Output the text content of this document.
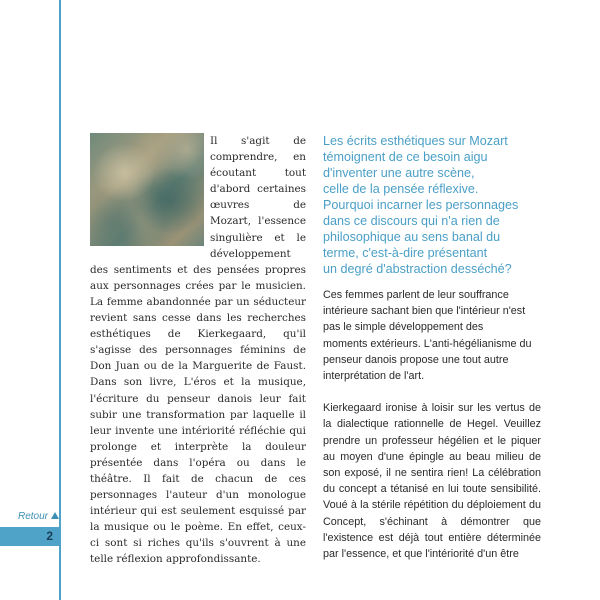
Retour
2
Il s'agit de comprendre, en écoutant tout d'abord certaines œuvres de Mozart, l'essence singulière et le développement des sentiments et des pensées propres aux personnages crées par le musicien. La femme abandonnée par un séducteur revient sans cesse dans les recherches esthétiques de Kierkegaard, qu'il s'agisse des personnages féminins de Don Juan ou de la Marguerite de Faust. Dans son livre, L'éros et la musique, l'écriture du penseur danois leur fait subir une transformation par laquelle il leur invente une intériorité réfléchie qui prolonge et interprète la douleur présentée dans l'opéra ou dans le théâtre. Il fait de chacun de ces personnages l'auteur d'un monologue intérieur qui est seulement esquissé par la musique ou le poème. En effet, ceux-ci sont si riches qu'ils s'ouvrent à une telle réflexion approfondissante.
Les écrits esthétiques sur Mozart
témoignent de ce besoin aigu
d'inventer une autre scène,
celle de la pensée réflexive.
Pourquoi incarner les personnages
dans ce discours qui n'a rien de
philosophique au sens banal du
terme, c'est-à-dire présentant
un degré d'abstraction desséché?

Ces femmes parlent de leur souffrance
intérieure sachant bien que l'intérieur n'est
pas le simple développement des
moments extérieurs. L'anti-hégélianisme du
penseur danois propose une tout autre
interprétation de l'art.

Kierkegaard ironise à loisir sur les vertus de la dialectique rationnelle de Hegel. Veuillez prendre un professeur hégélien et le piquer au moyen d'une épingle au beau milieu de son exposé, il ne sentira rien! La célébration du concept a tétanisé en lui toute sensibilité. Voué à la stérile répétition du déploiement du Concept, s'échinant à démontrer que l'existence est déjà tout entière déterminée par l'essence, et que l'intériorité d'un être
